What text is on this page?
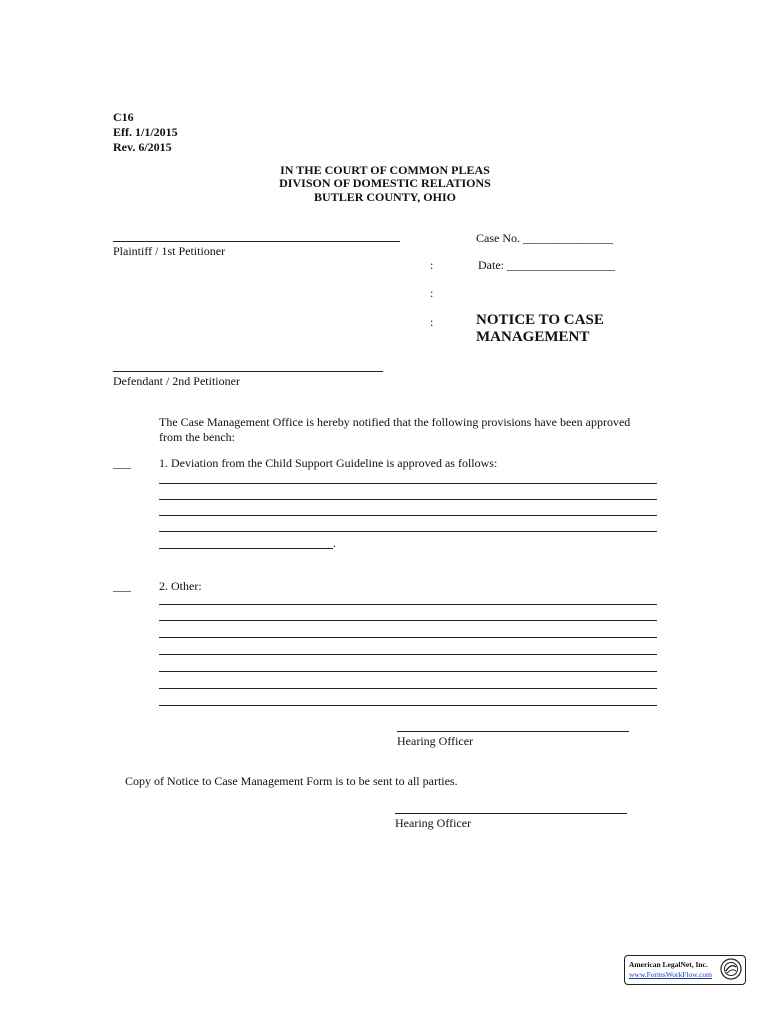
C16
Eff. 1/1/2015
Rev. 6/2015
IN THE COURT OF COMMON PLEAS
DIVISON OF DOMESTIC RELATIONS
BUTLER COUNTY, OHIO
Plaintiff / 1st Petitioner
Case No. _______________
:	Date: __________________
:
:	NOTICE TO CASE
MANAGEMENT
Defendant / 2nd Petitioner
The Case Management Office is hereby notified that the following provisions have been approved
from the bench:
___ 1. Deviation from the Child Support Guideline is approved as follows:
.
___ 2. Other:
Hearing Officer
Copy of Notice to Case Management Form is to be sent to all parties.
Hearing Officer
American LegalNet, Inc.
www.FormsWorkFlow.com
